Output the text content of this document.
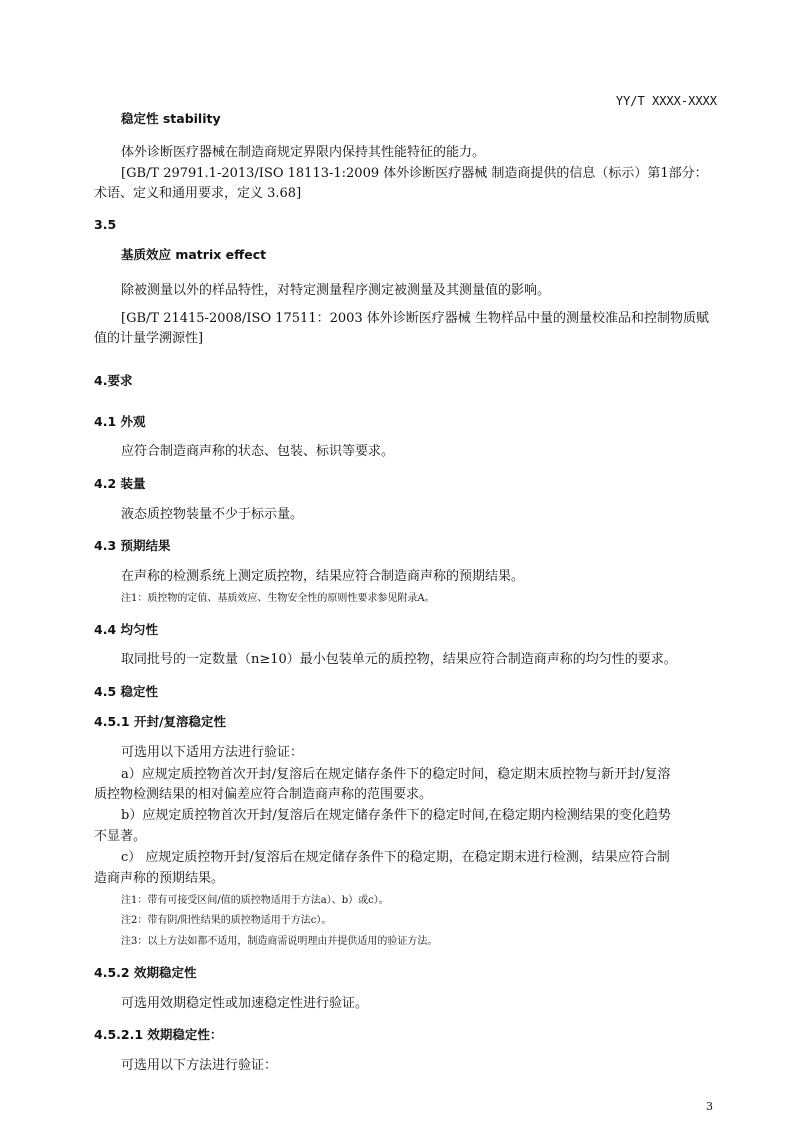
YY/T XXXX-XXXX
稳定性 stability
体外诊断医疗器械在制造商规定界限内保持其性能特征的能力。
[GB/T 29791.1-2013/ISO 18113-1:2009 体外诊断医疗器械 制造商提供的信息（标示）第1部分：
术语、定义和通用要求，定义 3.68]
3.5
基质效应 matrix effect
除被测量以外的样品特性，对特定测量程序测定被测量及其测量值的影响。
[GB/T 21415-2008/ISO 17511：2003 体外诊断医疗器械 生物样品中量的测量校准品和控制物质赋
值的计量学溯源性]
4.要求
4.1 外观
应符合制造商声称的状态、包装、标识等要求。
4.2 装量
液态质控物装量不少于标示量。
4.3 预期结果
在声称的检测系统上测定质控物，结果应符合制造商声称的预期结果。
注1：质控物的定值、基质效应、生物安全性的原则性要求参见附录A。
4.4 均匀性
取同批号的一定数量（n≥10）最小包装单元的质控物，结果应符合制造商声称的均匀性的要求。
4.5 稳定性
4.5.1 开封/复溶稳定性
可选用以下适用方法进行验证：
a）应规定质控物首次开封/复溶后在规定储存条件下的稳定时间，稳定期末质控物与新开封/复溶
质控物检测结果的相对偏差应符合制造商声称的范围要求。
b）应规定质控物首次开封/复溶后在规定储存条件下的稳定时间,在稳定期内检测结果的变化趋势
不显著。
c） 应规定质控物开封/复溶后在规定储存条件下的稳定期，在稳定期末进行检测，结果应符合制
造商声称的预期结果。
注1：带有可接受区间/值的质控物适用于方法a）、b）或c）。
注2：带有阴/阳性结果的质控物适用于方法c）。
注3：以上方法如都不适用，制造商需说明理由并提供适用的验证方法。
4.5.2 效期稳定性
可选用效期稳定性或加速稳定性进行验证。
4.5.2.1 效期稳定性：
可选用以下方法进行验证：
3
